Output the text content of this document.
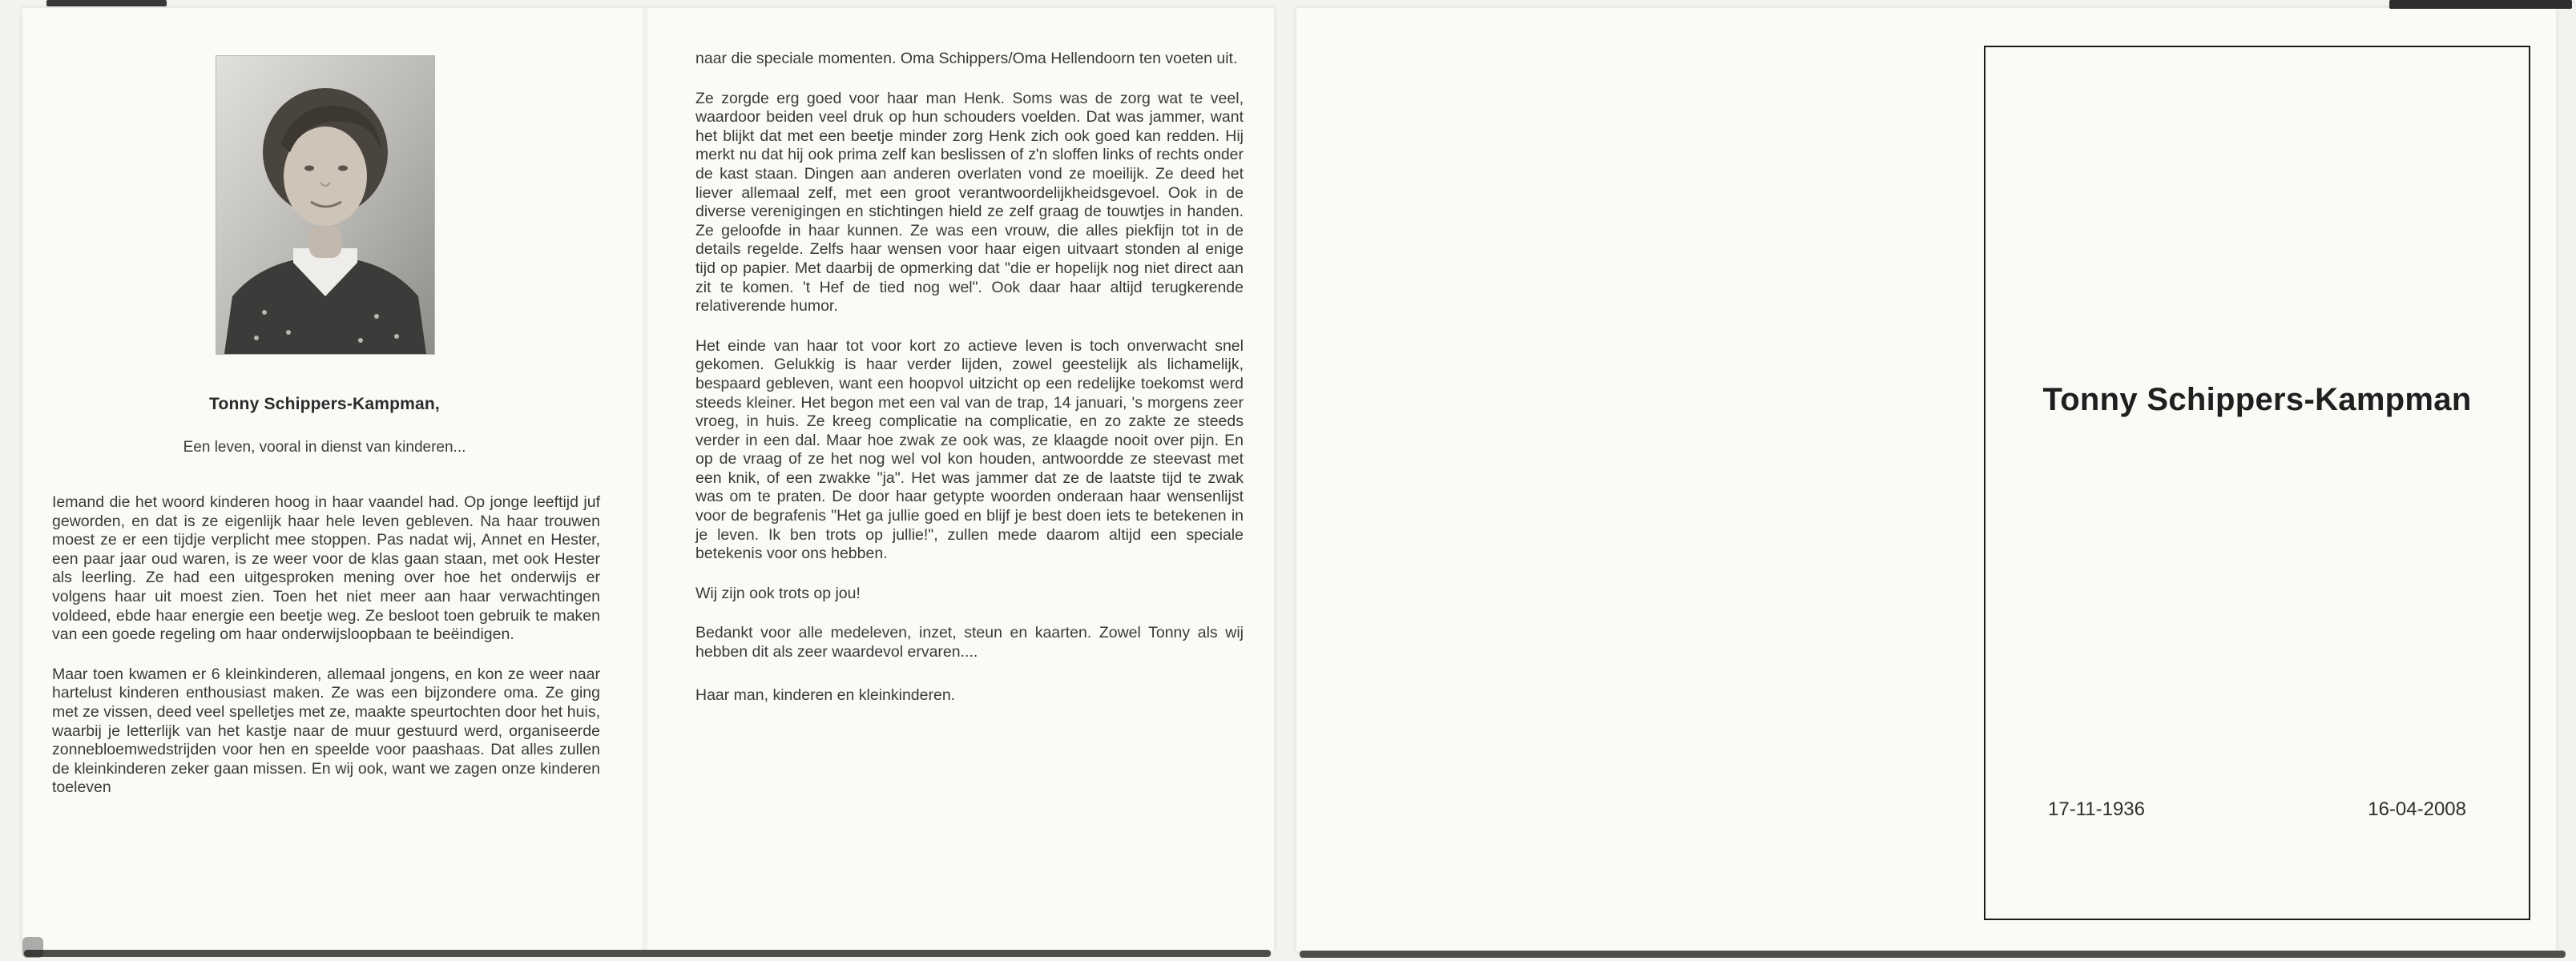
Tonny Schippers-Kampman,
Een leven, vooral in dienst van kinderen...

Iemand die het woord kinderen hoog in haar vaandel had. Op jonge leeftijd juf geworden, en dat is ze eigenlijk haar hele leven gebleven. Na haar trouwen moest ze er een tijdje verplicht mee stoppen. Pas nadat wij, Annet en Hester, een paar jaar oud waren, is ze weer voor de klas gaan staan, met ook Hester als leerling. Ze had een uitgesproken mening over hoe het onderwijs er volgens haar uit moest zien. Toen het niet meer aan haar verwachtingen voldeed, ebde haar energie een beetje weg. Ze besloot toen gebruik te maken van een goede regeling om haar onderwijsloopbaan te beëindigen.

Maar toen kwamen er 6 kleinkinderen, allemaal jongens, en kon ze weer naar hartelust kinderen enthousiast maken. Ze was een bijzondere oma. Ze ging met ze vissen, deed veel spelletjes met ze, maakte speurtochten door het huis, waarbij je letterlijk van het kastje naar de muur gestuurd werd, organiseerde zonnebloemwedstrijden voor hen en speelde voor paashaas. Dat alles zullen de kleinkinderen zeker gaan missen. En wij ook, want we zagen onze kinderen toeleven

naar die speciale momenten. Oma Schippers/Oma Hellendoorn ten voeten uit.

Ze zorgde erg goed voor haar man Henk. Soms was de zorg wat te veel, waardoor beiden veel druk op hun schouders voelden. Dat was jammer, want het blijkt dat met een beetje minder zorg Henk zich ook goed kan redden. Hij merkt nu dat hij ook prima zelf kan beslissen of z'n sloffen links of rechts onder de kast staan. Dingen aan anderen overlaten vond ze moeilijk. Ze deed het liever allemaal zelf, met een groot verantwoordelijkheidsgevoel. Ook in de diverse verenigingen en stichtingen hield ze zelf graag de touwtjes in handen. Ze geloofde in haar kunnen. Ze was een vrouw, die alles piekfijn tot in de details regelde. Zelfs haar wensen voor haar eigen uitvaart stonden al enige tijd op papier. Met daarbij de opmerking dat "die er hopelijk nog niet direct aan zit te komen. 't Hef de tied nog wel". Ook daar haar altijd terugkerende relativerende humor.

Het einde van haar tot voor kort zo actieve leven is toch onverwacht snel gekomen. Gelukkig is haar verder lijden, zowel geestelijk als lichamelijk, bespaard gebleven, want een hoopvol uitzicht op een redelijke toekomst werd steeds kleiner. Het begon met een val van de trap, 14 januari, 's morgens zeer vroeg, in huis. Ze kreeg complicatie na complicatie, en zo zakte ze steeds verder in een dal. Maar hoe zwak ze ook was, ze klaagde nooit over pijn. En op de vraag of ze het nog wel vol kon houden, antwoordde ze steevast met een knik, of een zwakke "ja". Het was jammer dat ze de laatste tijd te zwak was om te praten. De door haar getypte woorden onderaan haar wensenlijst voor de begrafenis "Het ga jullie goed en blijf je best doen iets te betekenen in je leven. Ik ben trots op jullie!", zullen mede daarom altijd een speciale betekenis voor ons hebben.

Wij zijn ook trots op jou!

Bedankt voor alle medeleven, inzet, steun en kaarten. Zowel Tonny als wij hebben dit als zeer waardevol ervaren....

Haar man, kinderen en kleinkinderen.

Tonny Schippers-Kampman
17-11-1936	16-04-2008
